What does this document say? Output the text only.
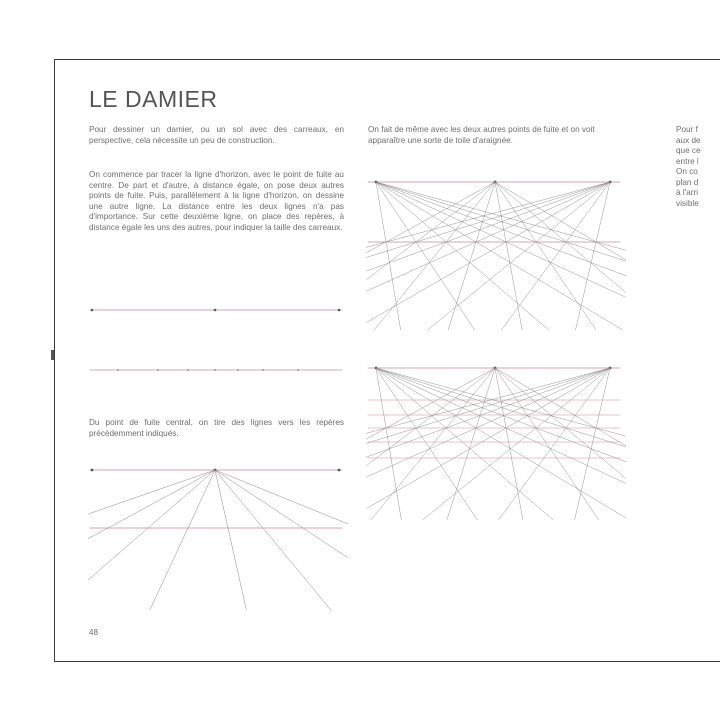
LE DAMIER

Pour dessiner un damier, ou un sol avec des carreaux, en perspective, cela nécessite un peu de construction.

On commence par tracer la ligne d'horizon, avec le point de fuite au centre. De part et d'autre, à distance égale, on pose deux autres points de fuite. Puis, parallèlement à la ligne d'horizon, on dessine une autre ligne. La distance entre les deux lignes n'a pas d'importance. Sur cette deuxième ligne, on place des repères, à distance égale les uns des autres, pour indiquer la taille des carreaux.

Du point de fuite central, on tire des lignes vers les repères précédemment indiqués.

On fait de même avec les deux autres points de fuite et on voit apparaître une sorte de toile d'araignée.

Pour f
aux de
que ce
entre l
On co
plan d
à l'arri
visible
48
